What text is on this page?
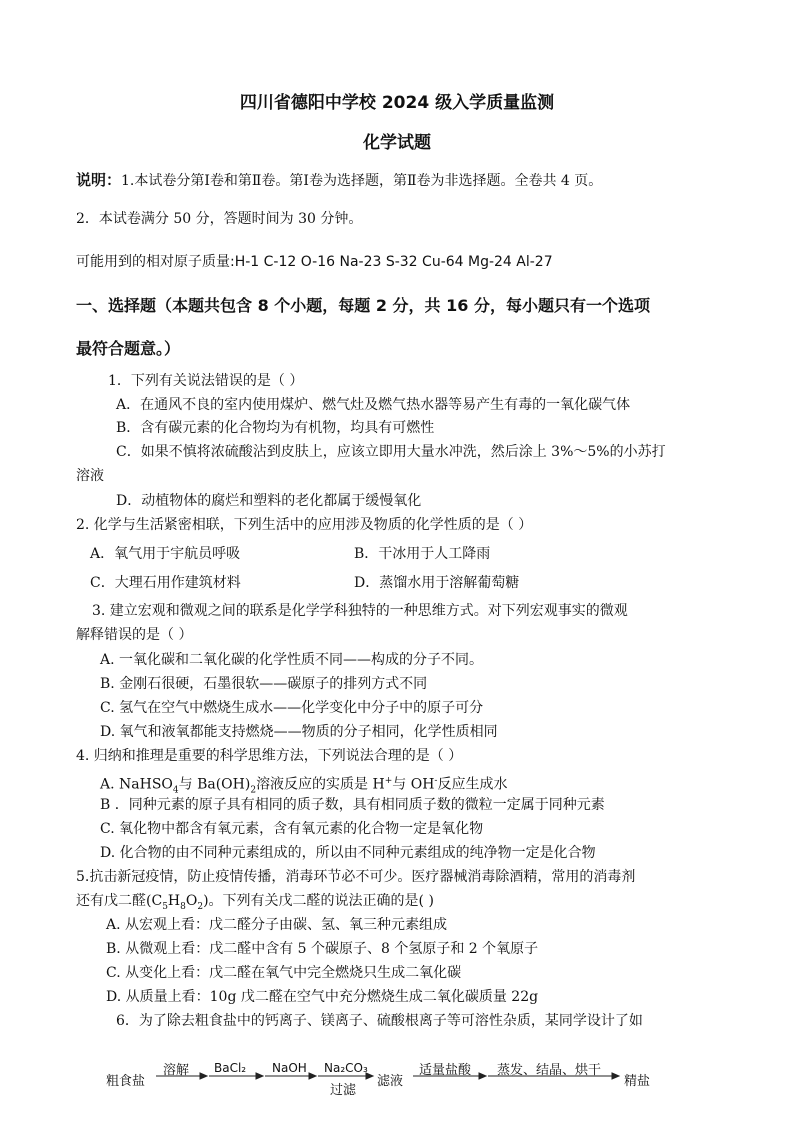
四川省德阳中学校 2024 级入学质量监测
化学试题
说明：1.本试卷分第Ⅰ卷和第Ⅱ卷。第Ⅰ卷为选择题，第Ⅱ卷为非选择题。全卷共 4 页。
2．本试卷满分 50 分，答题时间为 30 分钟。
可能用到的相对原子质量:H-1 C-12 O-16 Na-23 S-32 Cu-64 Mg-24 Al-27
一、选择题（本题共包含 8 个小题，每题 2 分，共 16 分，每小题只有一个选项
最符合题意。）
1．下列有关说法错误的是（ ）
A．在通风不良的室内使用煤炉、燃气灶及燃气热水器等易产生有毒的一氧化碳气体
B．含有碳元素的化合物均为有机物，均具有可燃性
C．如果不慎将浓硫酸沾到皮肤上，应该立即用大量水冲洗，然后涂上 3%～5%的小苏打
溶液
D．动植物体的腐烂和塑料的老化都属于缓慢氧化
2. 化学与生活紧密相联，下列生活中的应用涉及物质的化学性质的是（ ）
A．氧气用于宇航员呼吸	B．干冰用于人工降雨
C．大理石用作建筑材料	D．蒸馏水用于溶解葡萄糖
3. 建立宏观和微观之间的联系是化学学科独特的一种思维方式。对下列宏观事实的微观
解释错误的是（ ）
A. 一氧化碳和二氧化碳的化学性质不同——构成的分子不同。
B. 金刚石很硬，石墨很软——碳原子的排列方式不同
C. 氢气在空气中燃烧生成水——化学变化中分子中的原子可分
D. 氧气和液氧都能支持燃烧——物质的分子相同，化学性质相同
4. 归纳和推理是重要的科学思维方法，下列说法合理的是（ ）
A. NaHSO$_4$与 $Ba(OH)_2$溶液反应的实质是 H+与 OH-反应生成水
B ．同种元素的原子具有相同的质子数，具有相同质子数的微粒一定属于同种元素
C. 氧化物中都含有氧元素，含有氧元素的化合物一定是氧化物
D. 化合物的由不同种元素组成的，所以由不同种元素组成的纯净物一定是化合物
5.抗击新冠疫情，防止疫情传播，消毒环节必不可少。医疗器械消毒除酒精，常用的消毒剂
还有戊二醛$(C_5H_8O_2)$。下列有关戊二醛的说法正确的是( )
A. 从宏观上看：戊二醛分子由碳、氢、氧三种元素组成
B. 从微观上看：戊二醛中含有 5 个碳原子、8 个氢原子和 2 个氧原子
C. 从变化上看：戊二醛在氧气中完全燃烧只生成二氧化碳
D. 从质量上看：10g 戊二醛在空气中充分燃烧生成二氧化碳质量 22g
6．为了除去粗食盐中的钙离子、镁离子、硫酸根离子等可溶性杂质，某同学设计了如
粗食盐
溶解 BaCl₂ NaOH Na₂CO₃
过滤
滤液
适量盐酸 蒸发、结晶、烘干
精盐
